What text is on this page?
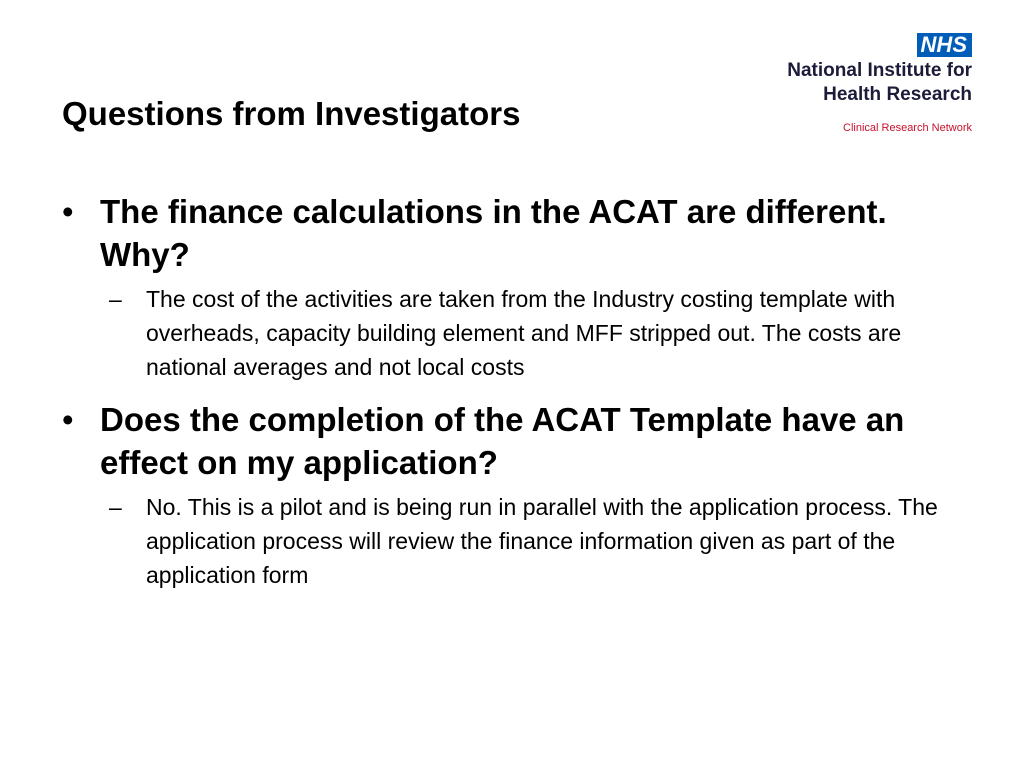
Questions from Investigators
NHS
National Institute for
Health Research
Clinical Research Network
• The finance calculations in the ACAT are different. Why?
– The cost of the activities are taken from the Industry costing template with overheads, capacity building element and MFF stripped out. The costs are national averages and not local costs
• Does the completion of the ACAT Template have an effect on my application?
– No. This is a pilot and is being run in parallel with the application process. The application process will review the finance information given as part of the application form
